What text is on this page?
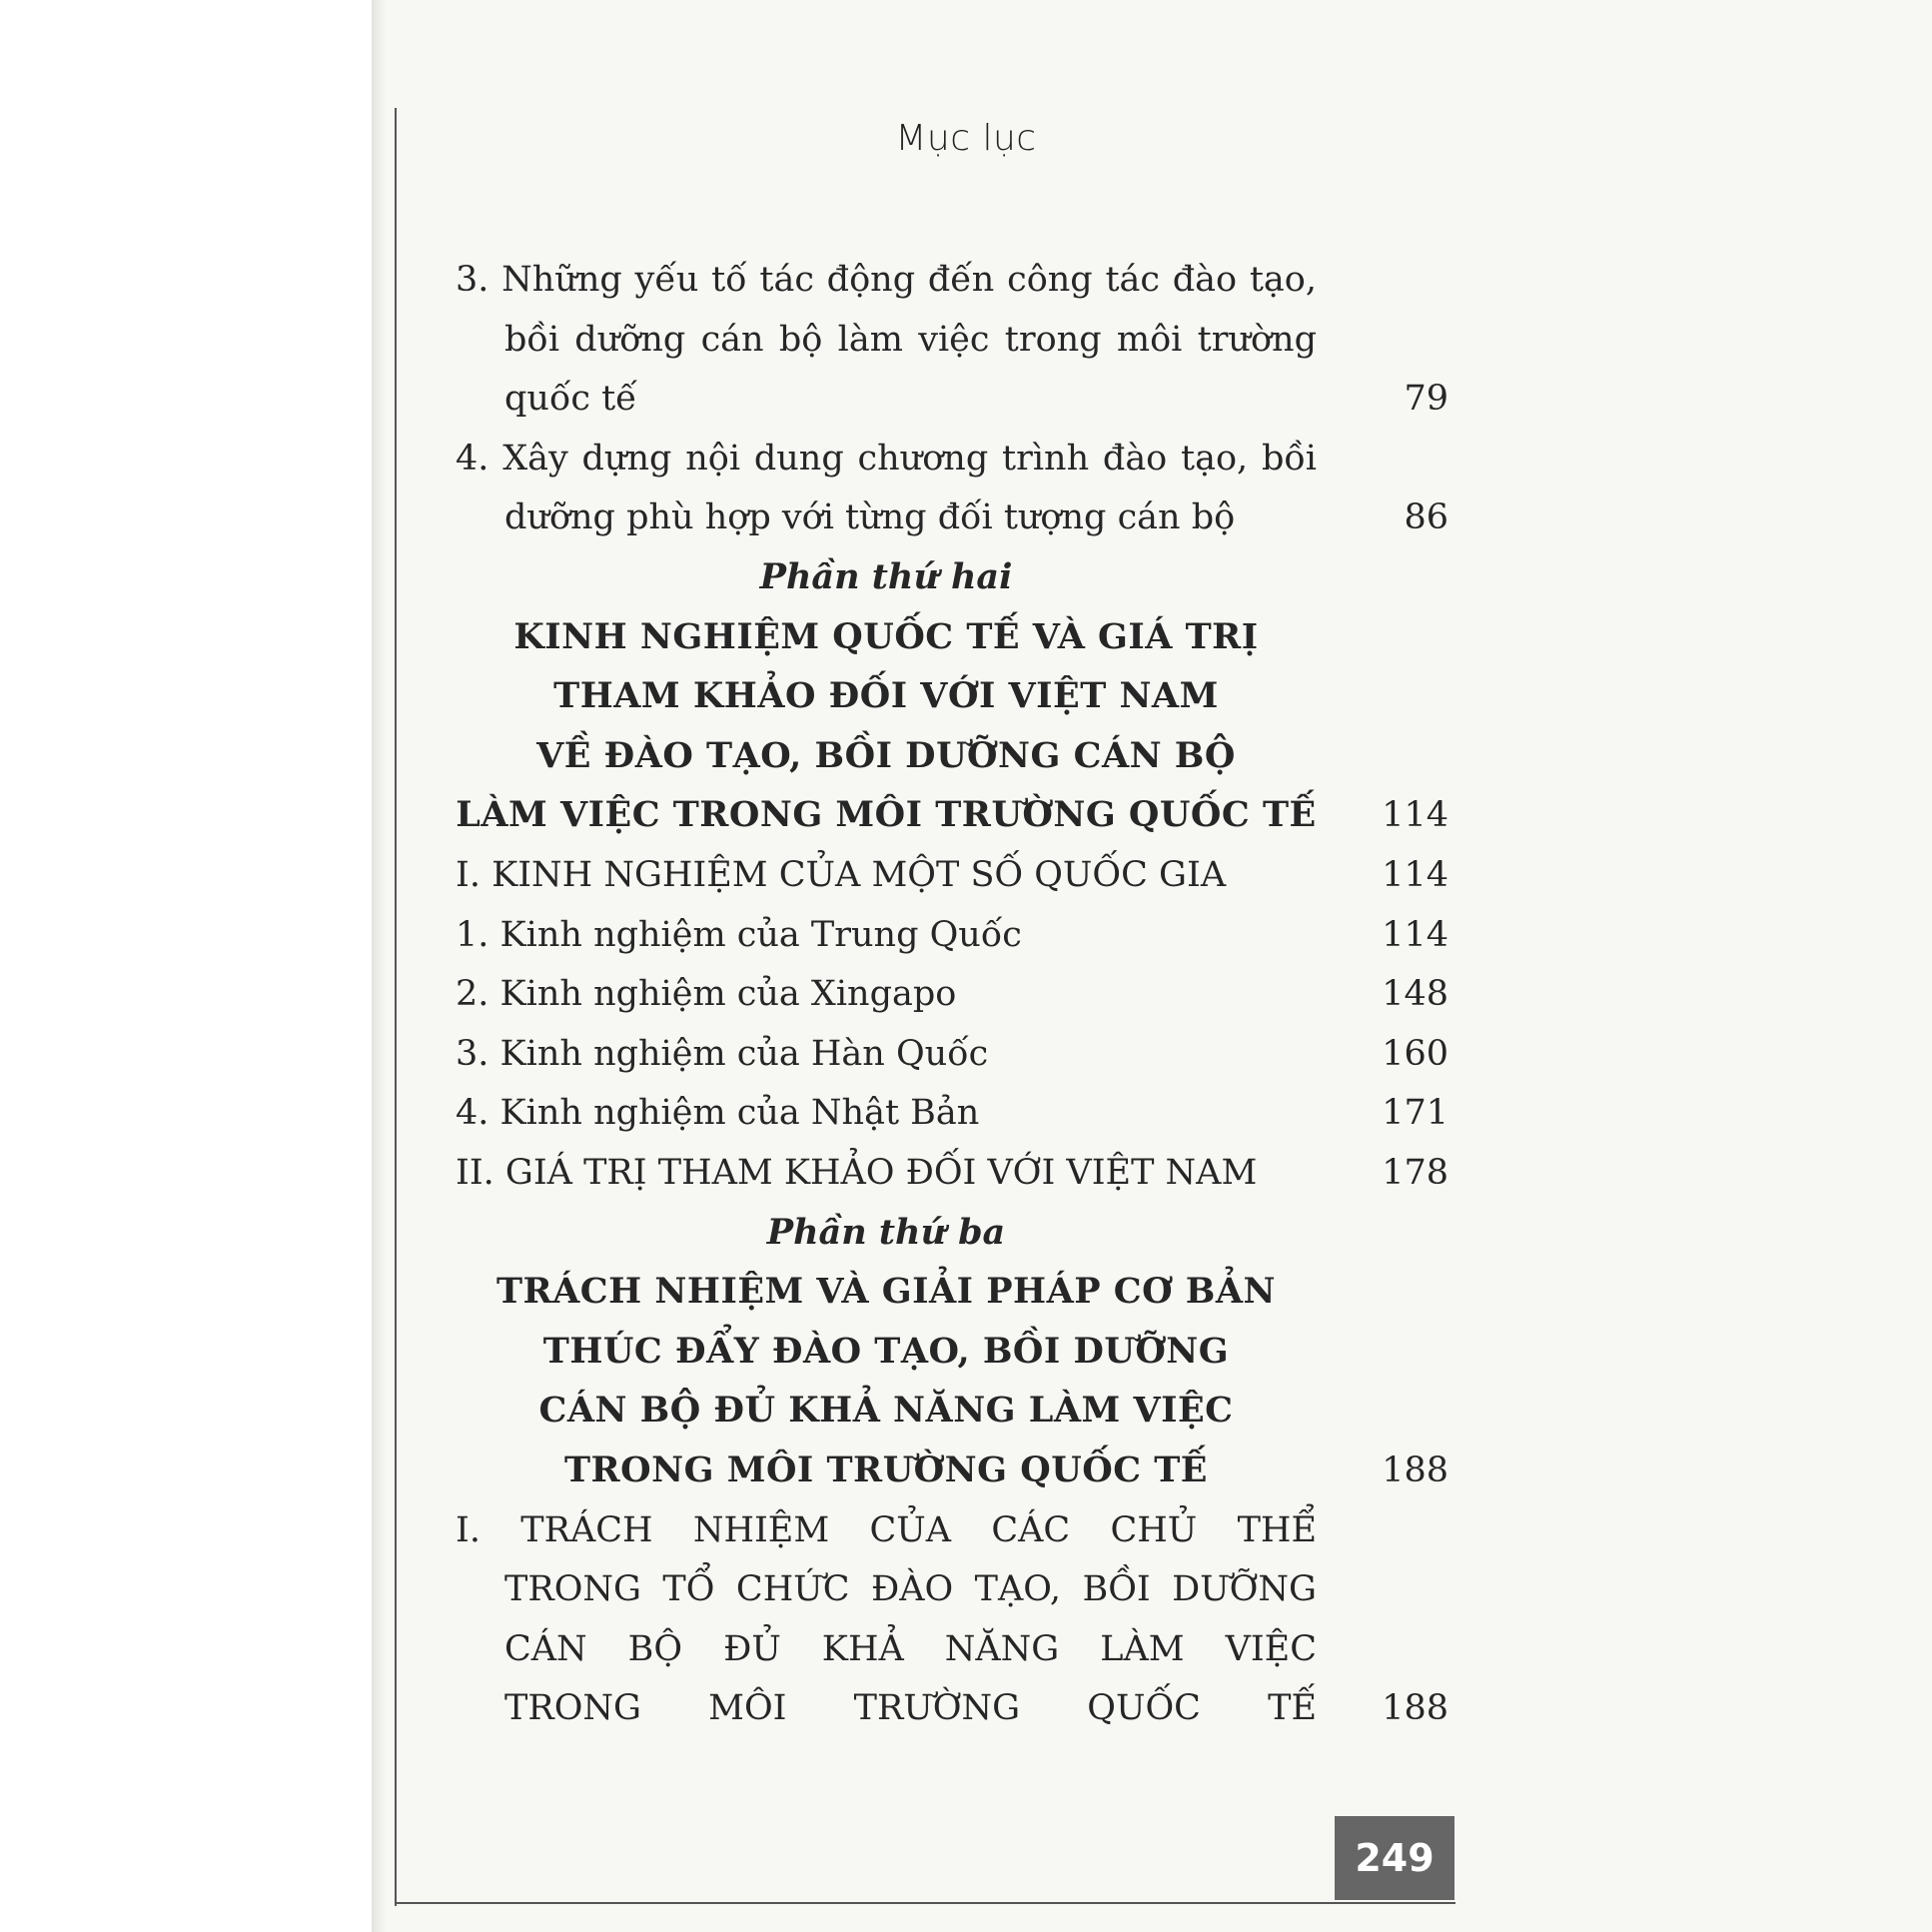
Mục lục
3. Những yếu tố tác động đến công tác đào tạo,
bồi dưỡng cán bộ làm việc trong môi trường
quốc tế	79
4. Xây dựng nội dung chương trình đào tạo, bồi
dưỡng phù hợp với từng đối tượng cán bộ	86
Phần thứ hai
KINH NGHIỆM QUỐC TẾ VÀ GIÁ TRỊ
THAM KHẢO ĐỐI VỚI VIỆT NAM
VỀ ĐÀO TẠO, BỒI DƯỠNG CÁN BỘ
LÀM VIỆC TRONG MÔI TRƯỜNG QUỐC TẾ	114
I. KINH NGHIỆM CỦA MỘT SỐ QUỐC GIA	114
1. Kinh nghiệm của Trung Quốc	114
2. Kinh nghiệm của Xingapo	148
3. Kinh nghiệm của Hàn Quốc	160
4. Kinh nghiệm của Nhật Bản	171
II. GIÁ TRỊ THAM KHẢO ĐỐI VỚI VIỆT NAM	178
Phần thứ ba
TRÁCH NHIỆM VÀ GIẢI PHÁP CƠ BẢN
THÚC ĐẨY ĐÀO TẠO, BỒI DƯỠNG
CÁN BỘ ĐỦ KHẢ NĂNG LÀM VIỆC
TRONG MÔI TRƯỜNG QUỐC TẾ	188
I. TRÁCH NHIỆM CỦA CÁC CHỦ THỂ
TRONG TỔ CHỨC ĐÀO TẠO, BỒI DƯỠNG
CÁN BỘ ĐỦ KHẢ NĂNG LÀM VIỆC
TRONG MÔI TRƯỜNG QUỐC TẾ	188
249
